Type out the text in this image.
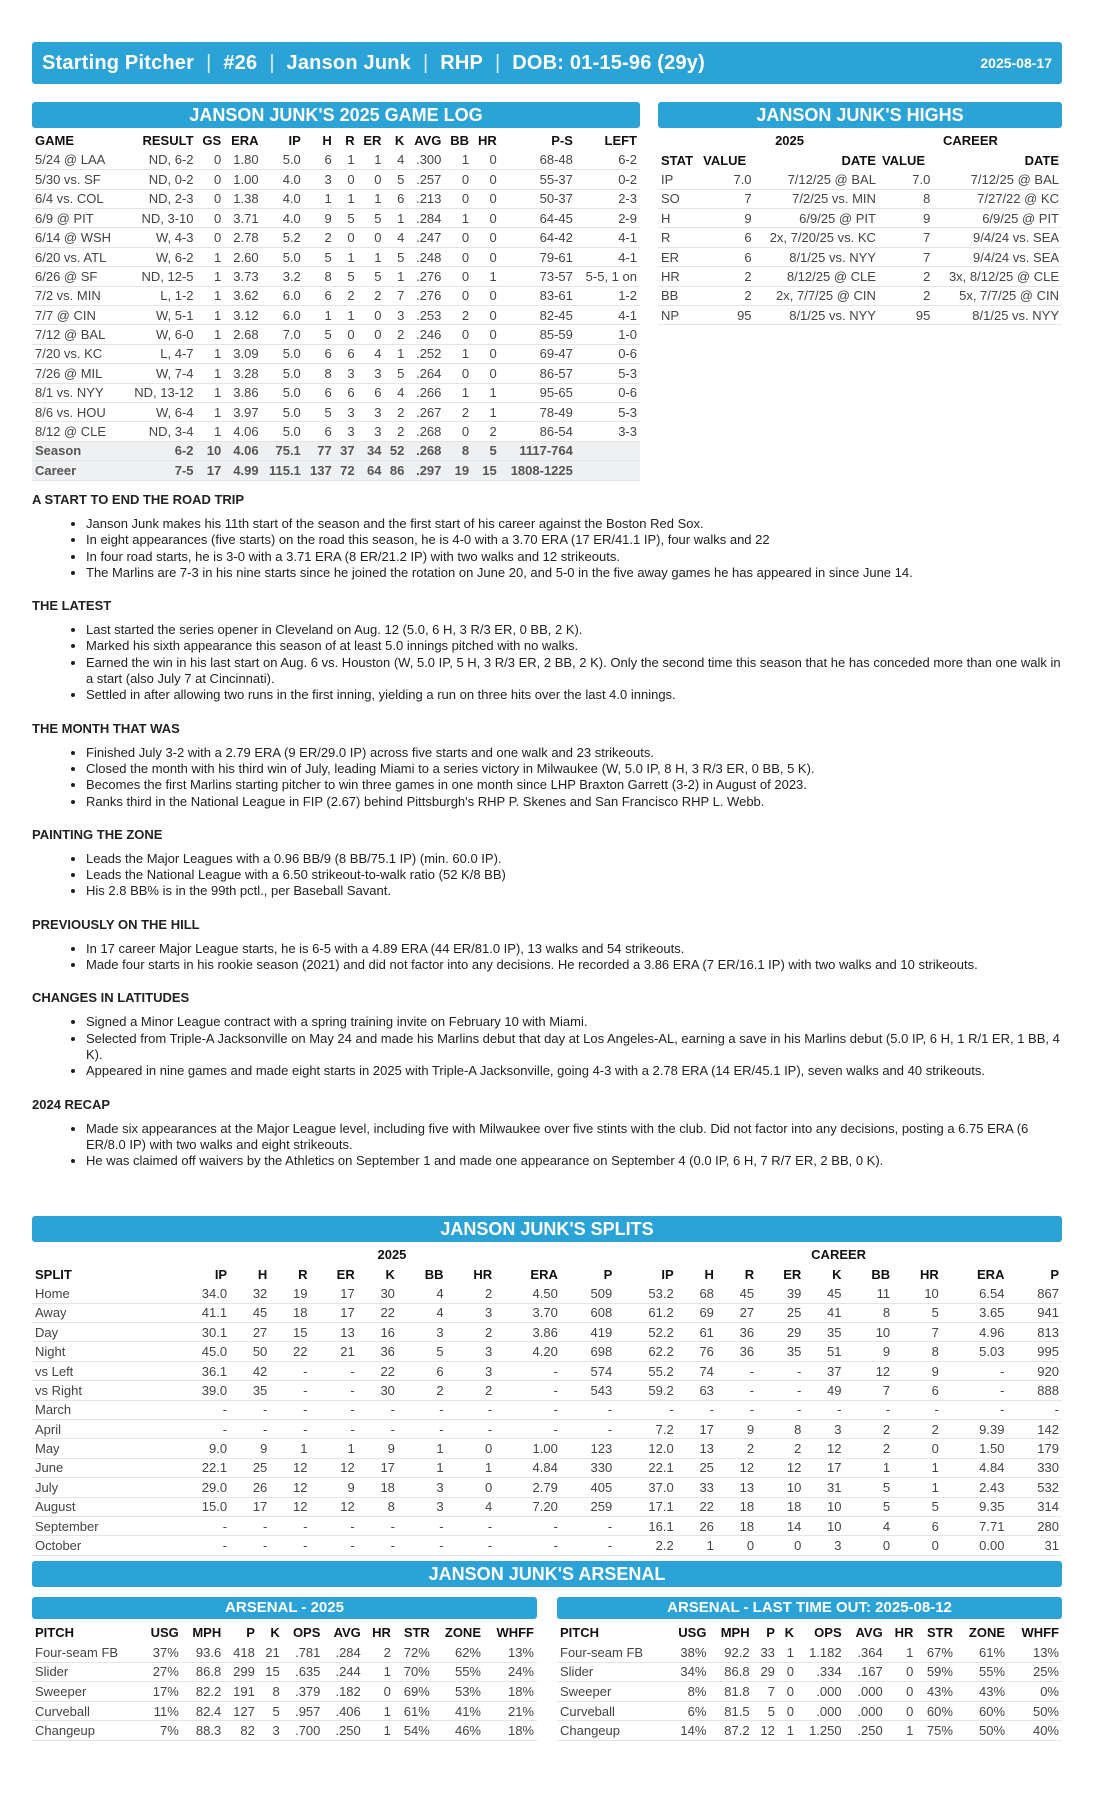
Starting Pitcher | #26 | Janson Junk | RHP | DOB: 01-15-96 (29y)	2025-08-17
JANSON JUNK'S 2025 GAME LOG
GAME	RESULT	GS	ERA	IP	H	R	ER	K	AVG	BB	HR	P-S	LEFT
5/24 @ LAA	ND, 6-2	0	1.80	5.0	6	1	1	4	.300	1	0	68-48	6-2
5/30 vs. SF	ND, 0-2	0	1.00	4.0	3	0	0	5	.257	0	0	55-37	0-2
6/4 vs. COL	ND, 2-3	0	1.38	4.0	1	1	1	6	.213	0	0	50-37	2-3
6/9 @ PIT	ND, 3-10	0	3.71	4.0	9	5	5	1	.284	1	0	64-45	2-9
6/14 @ WSH	W, 4-3	0	2.78	5.2	2	0	0	4	.247	0	0	64-42	4-1
6/20 vs. ATL	W, 6-2	1	2.60	5.0	5	1	1	5	.248	0	0	79-61	4-1
6/26 @ SF	ND, 12-5	1	3.73	3.2	8	5	5	1	.276	0	1	73-57	5-5, 1 on
7/2 vs. MIN	L, 1-2	1	3.62	6.0	6	2	2	7	.276	0	0	83-61	1-2
7/7 @ CIN	W, 5-1	1	3.12	6.0	1	1	0	3	.253	2	0	82-45	4-1
7/12 @ BAL	W, 6-0	1	2.68	7.0	5	0	0	2	.246	0	0	85-59	1-0
7/20 vs. KC	L, 4-7	1	3.09	5.0	6	6	4	1	.252	1	0	69-47	0-6
7/26 @ MIL	W, 7-4	1	3.28	5.0	8	3	3	5	.264	0	0	86-57	5-3
8/1 vs. NYY	ND, 13-12	1	3.86	5.0	6	6	6	4	.266	1	1	95-65	0-6
8/6 vs. HOU	W, 6-4	1	3.97	5.0	5	3	3	2	.267	2	1	78-49	5-3
8/12 @ CLE	ND, 3-4	1	4.06	5.0	6	3	3	2	.268	0	2	86-54	3-3
Season	6-2	10	4.06	75.1	77	37	34	52	.268	8	5	1117-764	
Career	7-5	17	4.99	115.1	137	72	64	86	.297	19	15	1808-1225	
JANSON JUNK'S HIGHS
	2025		CAREER	
STAT	VALUE	DATE	VALUE	DATE
IP	7.0	7/12/25 @ BAL	7.0	7/12/25 @ BAL
SO	7	7/2/25 vs. MIN	8	7/27/22 @ KC
H	9	6/9/25 @ PIT	9	6/9/25 @ PIT
R	6	2x, 7/20/25 vs. KC	7	9/4/24 vs. SEA
ER	6	8/1/25 vs. NYY	7	9/4/24 vs. SEA
HR	2	8/12/25 @ CLE	2	3x, 8/12/25 @ CLE
BB	2	2x, 7/7/25 @ CIN	2	5x, 7/7/25 @ CIN
NP	95	8/1/25 vs. NYY	95	8/1/25 vs. NYY
A START TO END THE ROAD TRIP
• Janson Junk makes his 11th start of the season and the first start of his career against the Boston Red Sox.
• In eight appearances (five starts) on the road this season, he is 4-0 with a 3.70 ERA (17 ER/41.1 IP), four walks and 22
• In four road starts, he is 3-0 with a 3.71 ERA (8 ER/21.2 IP) with two walks and 12 strikeouts.
• The Marlins are 7-3 in his nine starts since he joined the rotation on June 20, and 5-0 in the five away games he has appeared in since June 14.
THE LATEST
• Last started the series opener in Cleveland on Aug. 12 (5.0, 6 H, 3 R/3 ER, 0 BB, 2 K).
• Marked his sixth appearance this season of at least 5.0 innings pitched with no walks.
• Earned the win in his last start on Aug. 6 vs. Houston (W, 5.0 IP, 5 H, 3 R/3 ER, 2 BB, 2 K). Only the second time this season that he has conceded more than one walk in a start (also July 7 at Cincinnati).
• Settled in after allowing two runs in the first inning, yielding a run on three hits over the last 4.0 innings.
THE MONTH THAT WAS
• Finished July 3-2 with a 2.79 ERA (9 ER/29.0 IP) across five starts and one walk and 23 strikeouts.
• Closed the month with his third win of July, leading Miami to a series victory in Milwaukee (W, 5.0 IP, 8 H, 3 R/3 ER, 0 BB, 5 K).
• Becomes the first Marlins starting pitcher to win three games in one month since LHP Braxton Garrett (3-2) in August of 2023.
• Ranks third in the National League in FIP (2.67) behind Pittsburgh's RHP P. Skenes and San Francisco RHP L. Webb.
PAINTING THE ZONE
• Leads the Major Leagues with a 0.96 BB/9 (8 BB/75.1 IP) (min. 60.0 IP).
• Leads the National League with a 6.50 strikeout-to-walk ratio (52 K/8 BB)
• His 2.8 BB% is in the 99th pctl., per Baseball Savant.
PREVIOUSLY ON THE HILL
• In 17 career Major League starts, he is 6-5 with a 4.89 ERA (44 ER/81.0 IP), 13 walks and 54 strikeouts.
• Made four starts in his rookie season (2021) and did not factor into any decisions. He recorded a 3.86 ERA (7 ER/16.1 IP) with two walks and 10 strikeouts.
CHANGES IN LATITUDES
• Signed a Minor League contract with a spring training invite on February 10 with Miami.
• Selected from Triple-A Jacksonville on May 24 and made his Marlins debut that day at Los Angeles-AL, earning a save in his Marlins debut (5.0 IP, 6 H, 1 R/1 ER, 1 BB, 4 K).
• Appeared in nine games and made eight starts in 2025 with Triple-A Jacksonville, going 4-3 with a 2.78 ERA (14 ER/45.1 IP), seven walks and 40 strikeouts.
2024 RECAP
• Made six appearances at the Major League level, including five with Milwaukee over five stints with the club. Did not factor into any decisions, posting a 6.75 ERA (6 ER/8.0 IP) with two walks and eight strikeouts.
• He was claimed off waivers by the Athletics on September 1 and made one appearance on September 4 (0.0 IP, 6 H, 7 R/7 ER, 2 BB, 0 K).
JANSON JUNK'S SPLITS
	2025									CAREER								
SPLIT	IP	H	R	ER	K	BB	HR	ERA	P	IP	H	R	ER	K	BB	HR	ERA	P
Home	34.0	32	19	17	30	4	2	4.50	509	53.2	68	45	39	45	11	10	6.54	867
Away	41.1	45	18	17	22	4	3	3.70	608	61.2	69	27	25	41	8	5	3.65	941
Day	30.1	27	15	13	16	3	2	3.86	419	52.2	61	36	29	35	10	7	4.96	813
Night	45.0	50	22	21	36	5	3	4.20	698	62.2	76	36	35	51	9	8	5.03	995
vs Left	36.1	42	-	-	22	6	3	-	574	55.2	74	-	-	37	12	9	-	920
vs Right	39.0	35	-	-	30	2	2	-	543	59.2	63	-	-	49	7	6	-	888
March	-	-	-	-	-	-	-	-	-	-	-	-	-	-	-	-	-	-
April	-	-	-	-	-	-	-	-	-	7.2	17	9	8	3	2	2	9.39	142
May	9.0	9	1	1	9	1	0	1.00	123	12.0	13	2	2	12	2	0	1.50	179
June	22.1	25	12	12	17	1	1	4.84	330	22.1	25	12	12	17	1	1	4.84	330
July	29.0	26	12	9	18	3	0	2.79	405	37.0	33	13	10	31	5	1	2.43	532
August	15.0	17	12	12	8	3	4	7.20	259	17.1	22	18	18	10	5	5	9.35	314
September	-	-	-	-	-	-	-	-	-	16.1	26	18	14	10	4	6	7.71	280
October	-	-	-	-	-	-	-	-	-	2.2	1	0	0	3	0	0	0.00	31
JANSON JUNK'S ARSENAL
ARSENAL - 2025
PITCH	USG	MPH	P	K	OPS	AVG	HR	STR	ZONE	WHFF
Four-seam FB	37%	93.6	418	21	.781	.284	2	72%	62%	13%
Slider	27%	86.8	299	15	.635	.244	1	70%	55%	24%
Sweeper	17%	82.2	191	8	.379	.182	0	69%	53%	18%
Curveball	11%	82.4	127	5	.957	.406	1	61%	41%	21%
Changeup	7%	88.3	82	3	.700	.250	1	54%	46%	18%
ARSENAL - LAST TIME OUT: 2025-08-12
PITCH	USG	MPH	P	K	OPS	AVG	HR	STR	ZONE	WHFF
Four-seam FB	38%	92.2	33	1	1.182	.364	1	67%	61%	13%
Slider	34%	86.8	29	0	.334	.167	0	59%	55%	25%
Sweeper	8%	81.8	7	0	.000	.000	0	43%	43%	0%
Curveball	6%	81.5	5	0	.000	.000	0	60%	60%	50%
Changeup	14%	87.2	12	1	1.250	.250	1	75%	50%	40%
